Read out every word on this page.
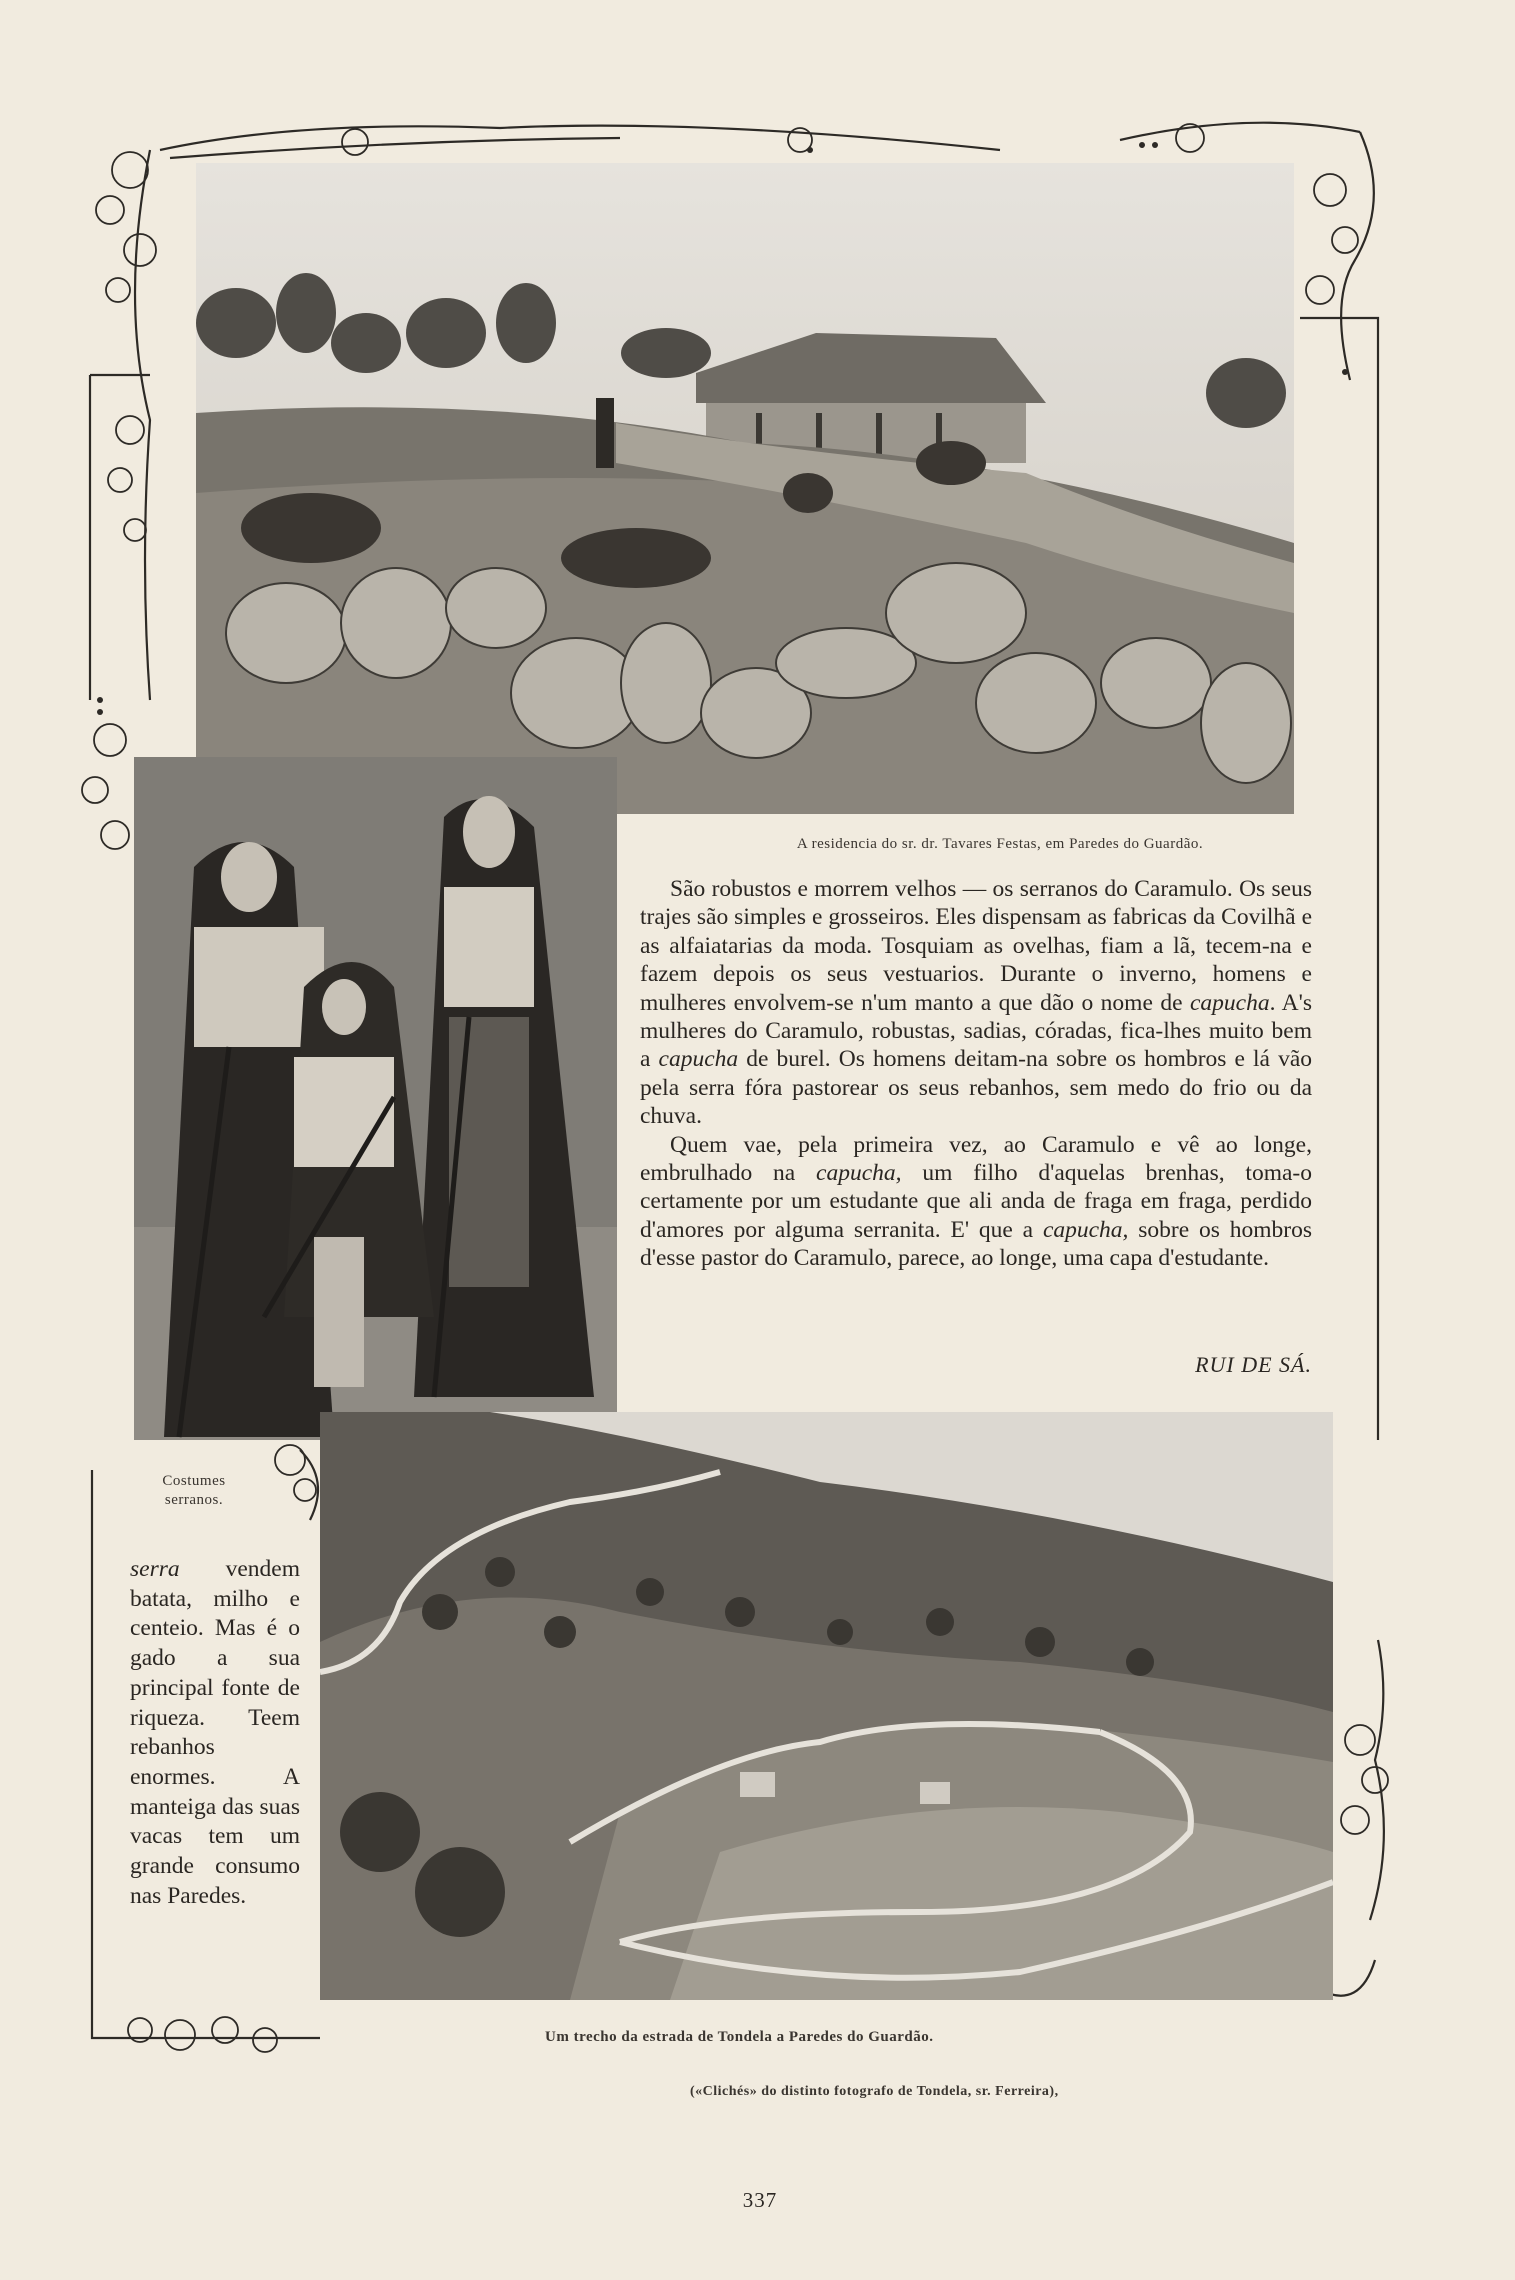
A residencia do sr. dr. Tavares Festas, em Paredes do Guardão.
Costumes
serranos.

São robustos e morrem velhos — os serranos do Caramulo. Os seus trajes são simples e grosseiros. Eles dispensam as fabricas da Covilhã e as alfaiatarias da moda. Tosquiam as ovelhas, fiam a lã, tecem-na e fazem depois os seus vestuarios. Durante o inverno, homens e mulheres envolvem-se n'um manto a que dão o nome de capucha. A's mulheres do Caramulo, robustas, sadias, córadas, fica-lhes muito bem a capucha de burel. Os homens deitam-na sobre os hombros e lá vão pela serra fóra pastorear os seus rebanhos, sem medo do frio ou da chuva.

Quem vae, pela primeira vez, ao Caramulo e vê ao longe, embrulhado na capucha, um filho d'aquelas brenhas, toma-o certamente por um estudante que ali anda de fraga em fraga, perdido d'amores por alguma serranita. E' que a capucha, sobre os hombros d'esse pastor do Caramulo, parece, ao longe, uma capa d'estudante.

RUI DE SÁ.

serra vendem batata, milho e centeio. Mas é o gado a sua principal fonte de riqueza. Teem rebanhos enormes. A manteiga das suas vacas tem um grande consumo nas Paredes.

Um trecho da estrada de Tondela a Paredes do Guardão.
(«Clichés» do distinto fotografo de Tondela, sr. Ferreira),
337
